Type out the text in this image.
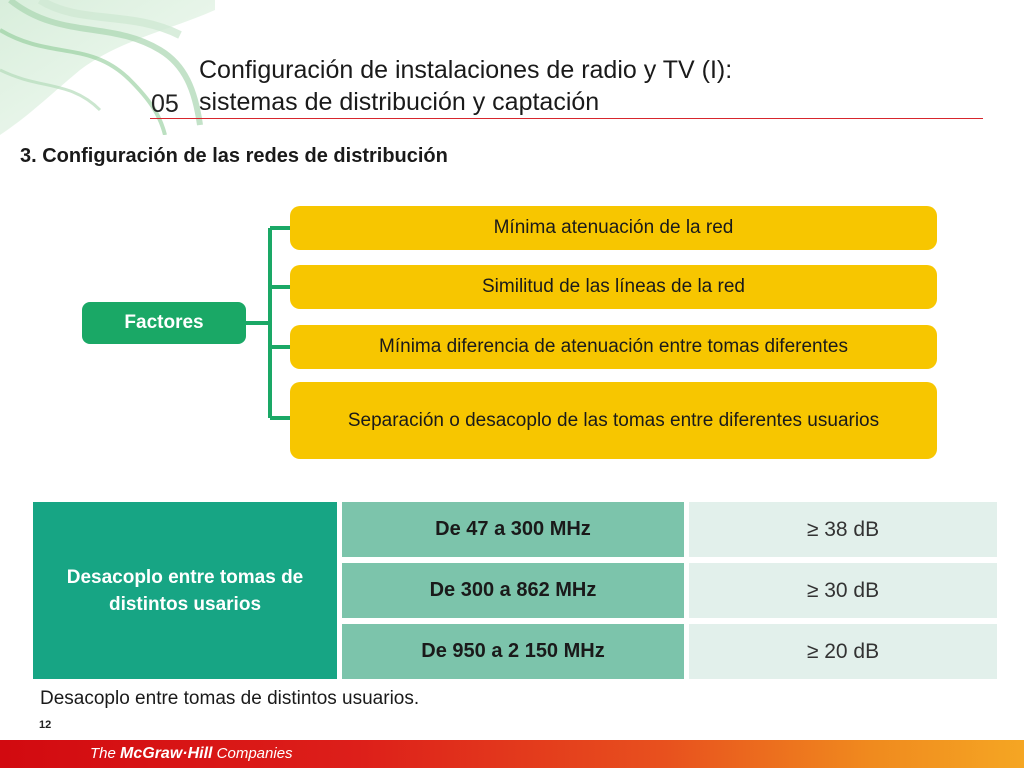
05
Configuración de instalaciones de radio y TV (I):
sistemas de distribución y captación
3. Configuración de las redes de distribución
Factores
Mínima atenuación de la red
Similitud de las líneas de la red
Mínima diferencia de atenuación entre tomas diferentes
Separación o desacoplo de las tomas entre diferentes usuarios
Desacoplo entre tomas de distintos usarios
De 47 a 300 MHz	≥ 38 dB
De 300 a 862 MHz	≥ 30 dB
De 950 a 2 150 MHz	≥ 20 dB
Desacoplo entre tomas de distintos usuarios.
12
The McGraw·Hill Companies
